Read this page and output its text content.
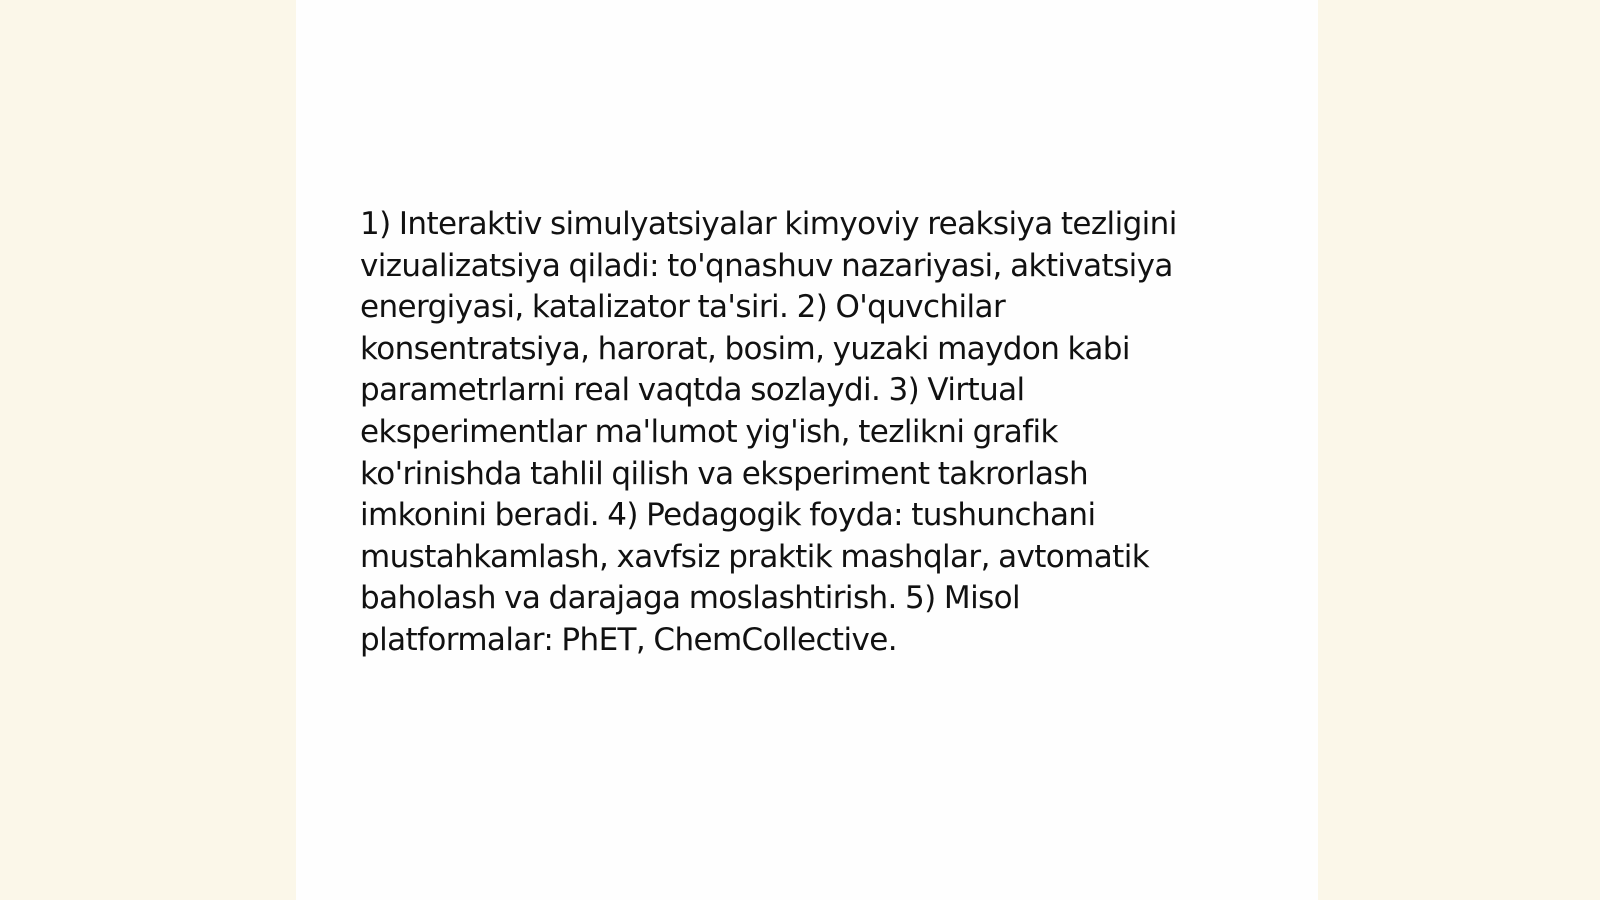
1) Interaktiv simulyatsiyalar kimyoviy reaksiya tezligini
vizualizatsiya qiladi: to'qnashuv nazariyasi, aktivatsiya
energiyasi, katalizator ta'siri. 2) O'quvchilar
konsentratsiya, harorat, bosim, yuzaki maydon kabi
parametrlarni real vaqtda sozlaydi. 3) Virtual
eksperimentlar ma'lumot yig'ish, tezlikni grafik
ko'rinishda tahlil qilish va eksperiment takrorlash
imkonini beradi. 4) Pedagogik foyda: tushunchani
mustahkamlash, xavfsiz praktik mashqlar, avtomatik
baholash va darajaga moslashtirish. 5) Misol
platformalar: PhET, ChemCollective.
